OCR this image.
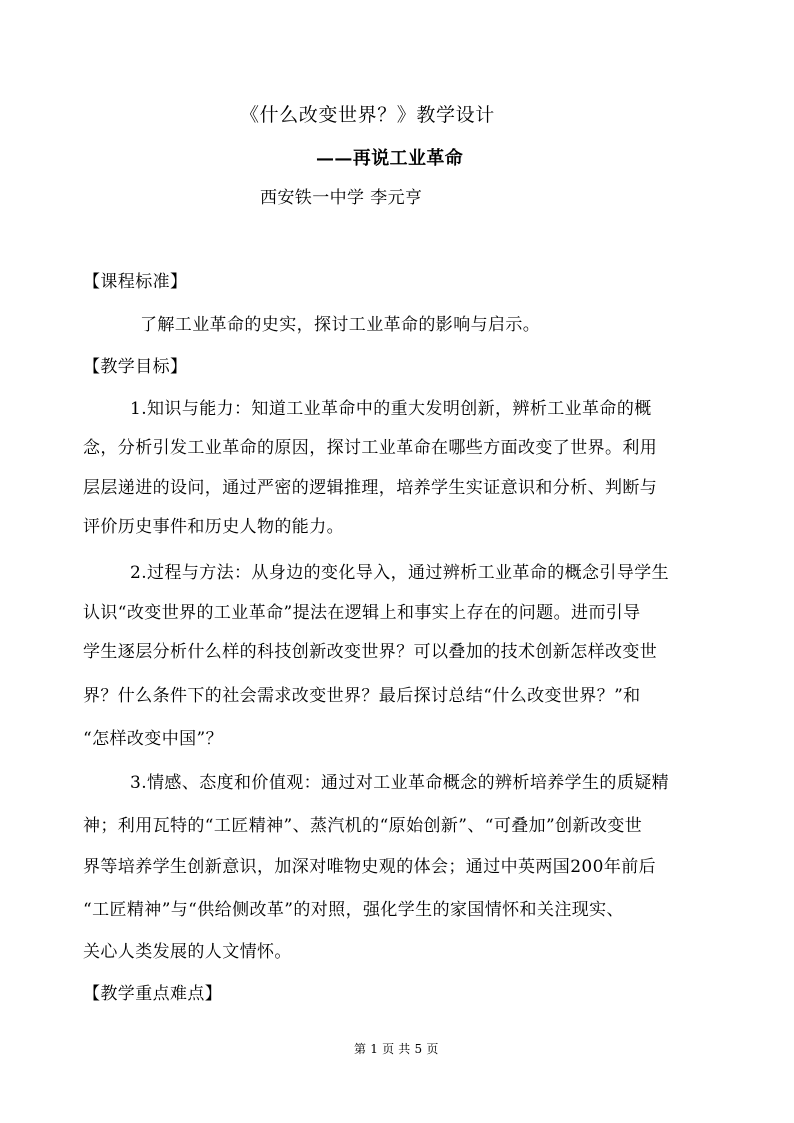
《什么改变世界？》教学设计
——再说工业革命
西安铁一中学 李元亨
【课程标准】
了解工业革命的史实，探讨工业革命的影响与启示。
【教学目标】
1.知识与能力：知道工业革命中的重大发明创新，辨析工业革命的概
念，分析引发工业革命的原因，探讨工业革命在哪些方面改变了世界。利用
层层递进的设问，通过严密的逻辑推理，培养学生实证意识和分析、判断与
评价历史事件和历史人物的能力。
2.过程与方法：从身边的变化导入，通过辨析工业革命的概念引导学生
认识“改变世界的工业革命”提法在逻辑上和事实上存在的问题。进而引导
学生逐层分析什么样的科技创新改变世界？可以叠加的技术创新怎样改变世
界？什么条件下的社会需求改变世界？最后探讨总结“什么改变世界？”和
“怎样改变中国”？
3.情感、态度和价值观：通过对工业革命概念的辨析培养学生的质疑精
神；利用瓦特的“工匠精神”、蒸汽机的“原始创新”、“可叠加”创新改变世
界等培养学生创新意识，加深对唯物史观的体会；通过中英两国200年前后
“工匠精神”与“供给侧改革”的对照，强化学生的家国情怀和关注现实、
关心人类发展的人文情怀。
【教学重点难点】
第 1 页 共 5 页
